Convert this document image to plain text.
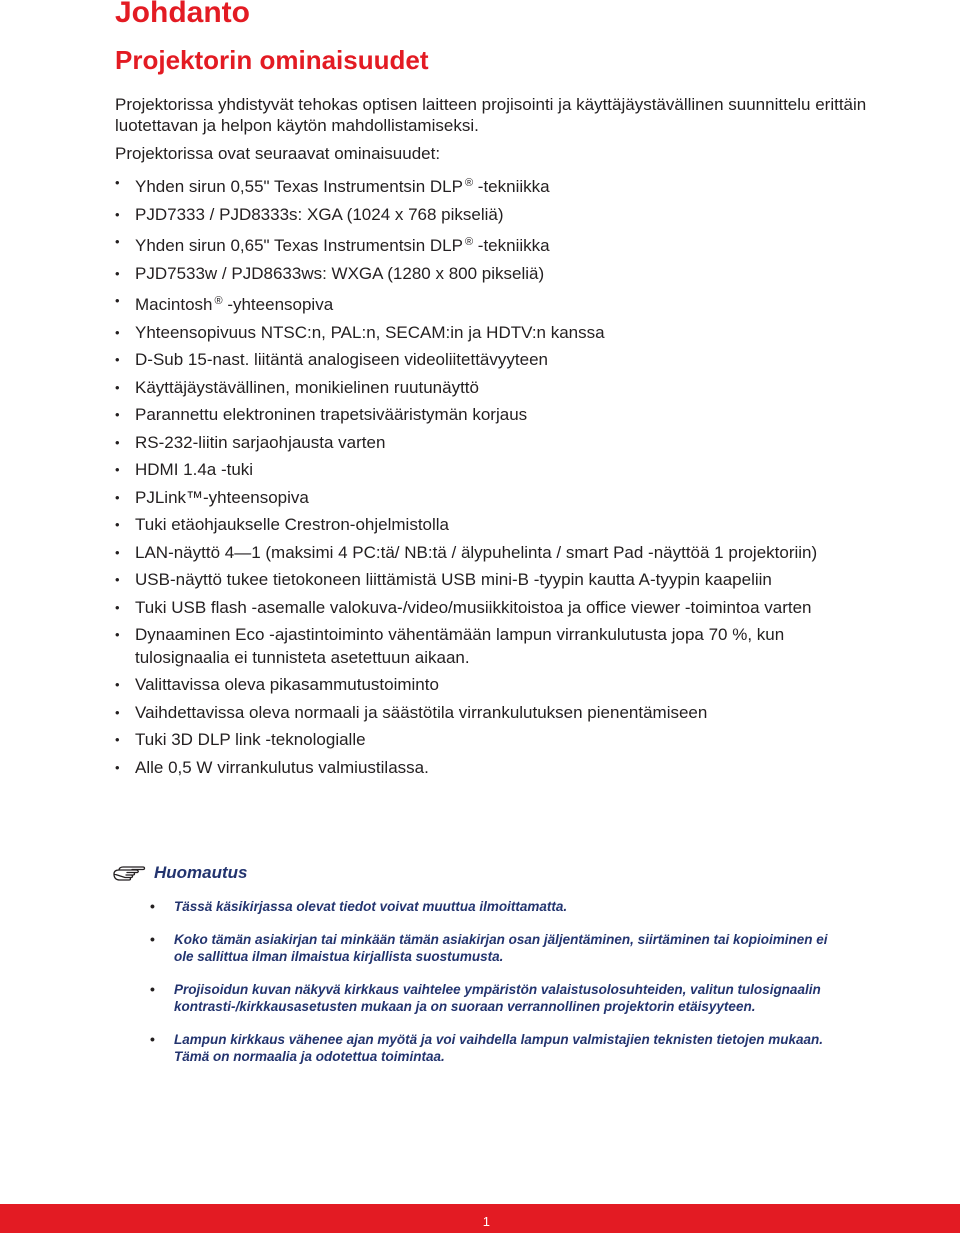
Johdanto
Projektorin ominaisuudet
Projektorissa yhdistyvät tehokas optisen laitteen projisointi ja käyttäjäystävällinen suunnittelu erittäin luotettavan ja helpon käytön mahdollistamiseksi.
Projektorissa ovat seuraavat ominaisuudet:
• Yhden sirun 0,55" Texas Instrumentsin DLP ® -tekniikka
• PJD7333 / PJD8333s: XGA (1024 x 768 pikseliä)
• Yhden sirun 0,65" Texas Instrumentsin DLP ® -tekniikka
• PJD7533w / PJD8633ws: WXGA (1280 x 800 pikseliä)
• Macintosh ® -yhteensopiva
• Yhteensopivuus NTSC:n, PAL:n, SECAM:in ja HDTV:n kanssa
• D-Sub 15-nast. liitäntä analogiseen videoliitettävyyteen
• Käyttäjäystävällinen, monikielinen ruutunäyttö
• Parannettu elektroninen trapetsivääristymän korjaus
• RS-232-liitin sarjaohjausta varten
• HDMI 1.4a -tuki
• PJLink™-yhteensopiva
• Tuki etäohjaukselle Crestron-ohjelmistolla
• LAN-näyttö 4—1 (maksimi 4 PC:tä/ NB:tä / älypuhelinta / smart Pad -näyttöä 1 projektoriin)
• USB-näyttö tukee tietokoneen liittämistä USB mini-B -tyypin kautta A-tyypin kaapeliin
• Tuki USB flash -asemalle valokuva-/video/musiikkitoistoa ja office viewer -toimintoa varten
• Dynaaminen Eco -ajastintoiminto vähentämään lampun virrankulutusta jopa 70 %, kun tulosignaalia ei tunnisteta asetettuun aikaan.
• Valittavissa oleva pikasammutustoiminto
• Vaihdettavissa oleva normaali ja säästötila virrankulutuksen pienentämiseen
• Tuki 3D DLP link -teknologialle
• Alle 0,5 W virrankulutus valmiustilassa.
Huomautus
• Tässä käsikirjassa olevat tiedot voivat muuttua ilmoittamatta.
• Koko tämän asiakirjan tai minkään tämän asiakirjan osan jäljentäminen, siirtäminen tai kopioiminen ei ole sallittua ilman ilmaistua kirjallista suostumusta.
• Projisoidun kuvan näkyvä kirkkaus vaihtelee ympäristön valaistusolosuhteiden, valitun tulosignaalin kontrasti-/kirkkausasetusten mukaan ja on suoraan verrannollinen projektorin etäisyyteen.
• Lampun kirkkaus vähenee ajan myötä ja voi vaihdella lampun valmistajien teknisten tietojen mukaan. Tämä on normaalia ja odotettua toimintaa.
1
